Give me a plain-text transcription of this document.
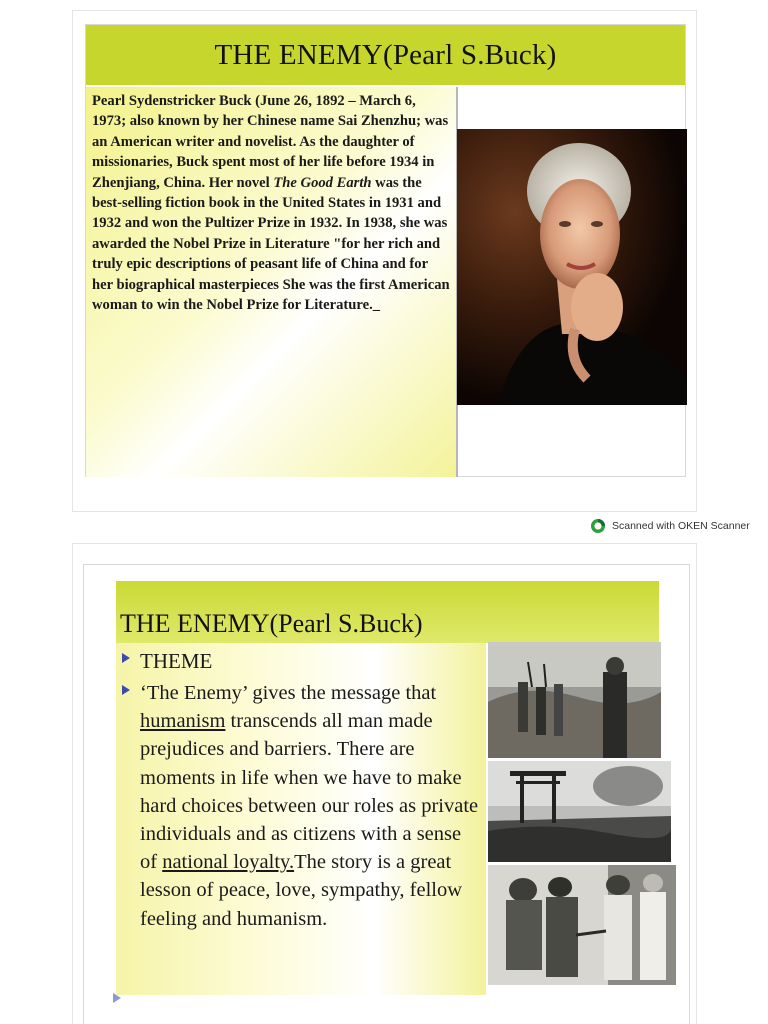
THE ENEMY(Pearl S.Buck)

Pearl Sydenstricker Buck (June 26, 1892 – March 6, 1973; also known by her Chinese name Sai Zhenzhu; was an American writer and novelist. As the daughter of missionaries, Buck spent most of her life before 1934 in Zhenjiang, China. Her novel The Good Earth was the best-selling fiction book in the United States in 1931 and 1932 and won the Pultizer Prize in 1932. In 1938, she was awarded the Nobel Prize in Literature "for her rich and truly epic descriptions of peasant life of China and for her biographical masterpieces She was the first American woman to win the Nobel Prize for Literature._

Scanned with OKEN Scanner
THE ENEMY(Pearl S.Buck)
THEME
‘The Enemy’ gives the message that humanism transcends all man made prejudices and barriers. There are moments in life when we have to make hard choices between our roles as private individuals and as citizens with a sense of national loyalty.The story is a great lesson of peace, love, sympathy, fellow feeling and humanism.
